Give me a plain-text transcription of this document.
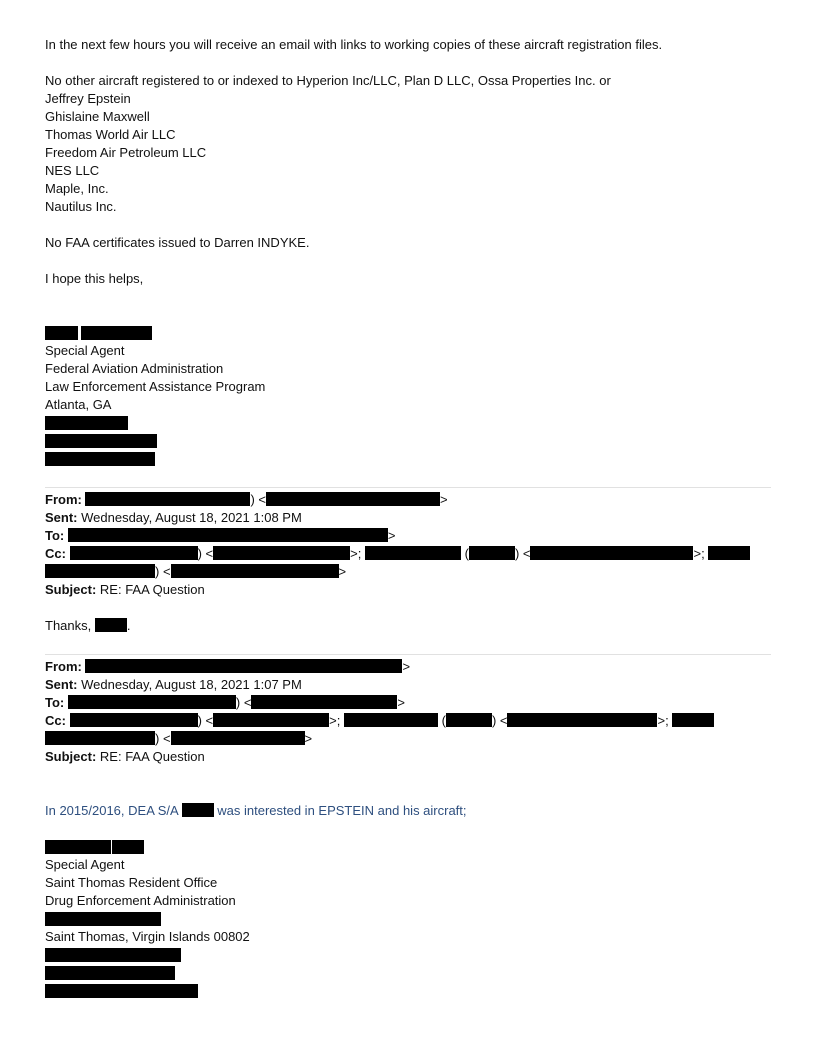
In the next few hours you will receive an email with links to working copies of these aircraft registration files.
No other aircraft registered to or indexed to Hyperion Inc/LLC, Plan D LLC, Ossa Properties Inc. or
Jeffrey Epstein
Ghislaine Maxwell
Thomas World Air LLC
Freedom Air Petroleum LLC
NES LLC
Maple, Inc.
Nautilus Inc.
No FAA certificates issued to Darren INDYKE.
I hope this helps,
Special Agent
Federal Aviation Administration
Law Enforcement Assistance Program
Atlanta, GA
From:	) <	>
Sent: Wednesday, August 18, 2021 1:08 PM
To:	>
Cc:	) <	>;	(	) <	>;
) <	>
Subject: RE: FAA Question
Thanks,	.
From:	>
Sent: Wednesday, August 18, 2021 1:07 PM
To:	) <	>
Cc:	) <	>;	(	) <	>;
) <	>
Subject: RE: FAA Question
In 2015/2016, DEA S/A	was interested in EPSTEIN and his aircraft;
Special Agent
Saint Thomas Resident Office
Drug Enforcement Administration
Saint Thomas, Virgin Islands 00802
